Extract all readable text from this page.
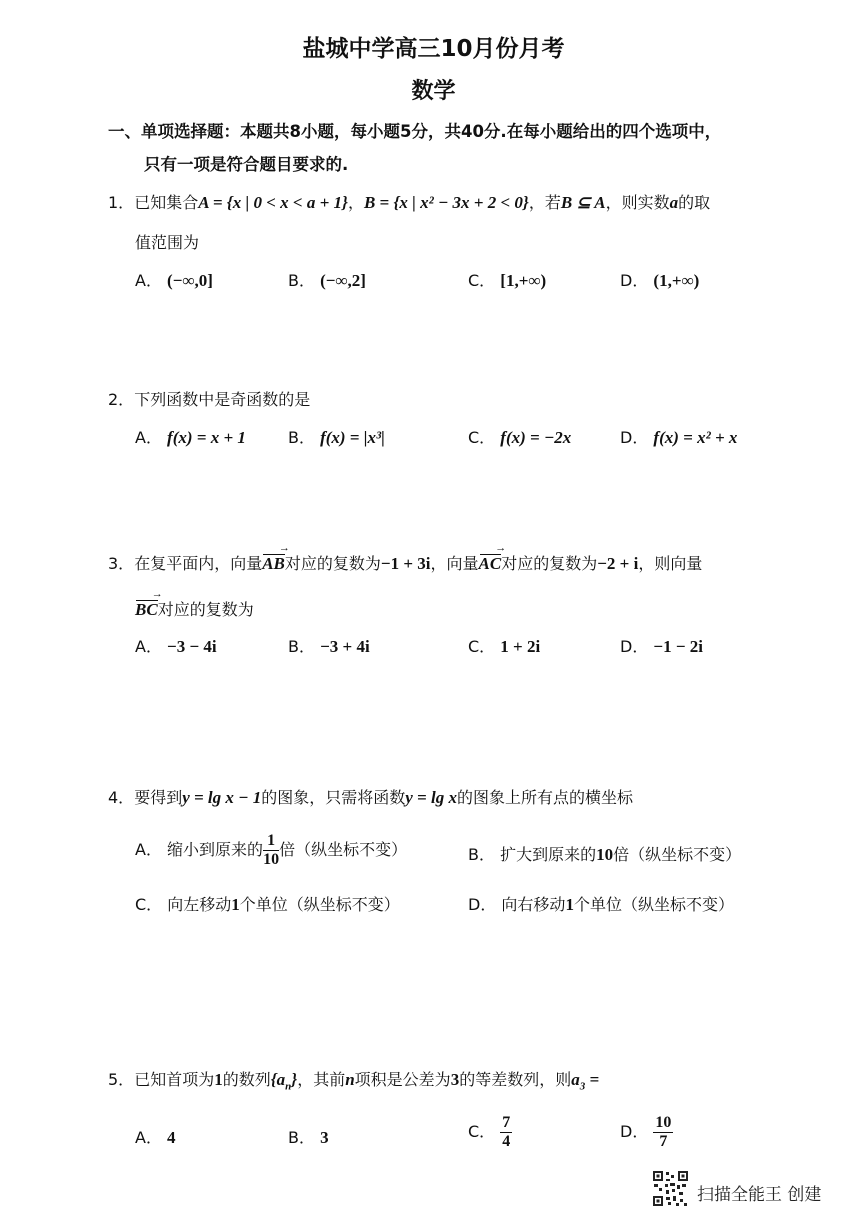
盐城中学高三10月份月考
数学
一、单项选择题：本题共8小题，每小题5分，共40分.在每小题给出的四个选项中，
只有一项是符合题目要求的.
1．已知集合A = {x | 0 < x < a + 1}，B = {x | x² − 3x + 2 < 0}，若B ⊆ A，则实数a的取
值范围为
A． (−∞,0]	B． (−∞,2]	C． [1,+∞)	D． (1,+∞)
2．下列函数中是奇函数的是
A． f(x) = x + 1	B． f(x) = |x³|	C． f(x) = −2x	D． f(x) = x² + x
3．在复平面内，向量AB →对应的复数为−1 + 3i，向量AC →对应的复数为−2 + i，则向量
BC →对应的复数为
A． −3 − 4i	B． −3 + 4i	C． 1 + 2i	D． −1 − 2i
4．要得到y = lg x − 1的图象，只需将函数y = lg x的图象上所有点的横坐标
A． 缩小到原来的 $\frac{1}{10}$ 倍（纵坐标不变）	B． 扩大到原来的10倍（纵坐标不变）
C． 向左移动1个单位（纵坐标不变）	D． 向右移动1个单位（纵坐标不变）
5．已知首项为1的数列$\{a_n\}$，其前n项积是公差为3的等差数列，则$a_3$ =
A． 4	B． 3	C． $\frac{7}{4}$	D． $\frac{10}{7}$
扫描全能王 创建
